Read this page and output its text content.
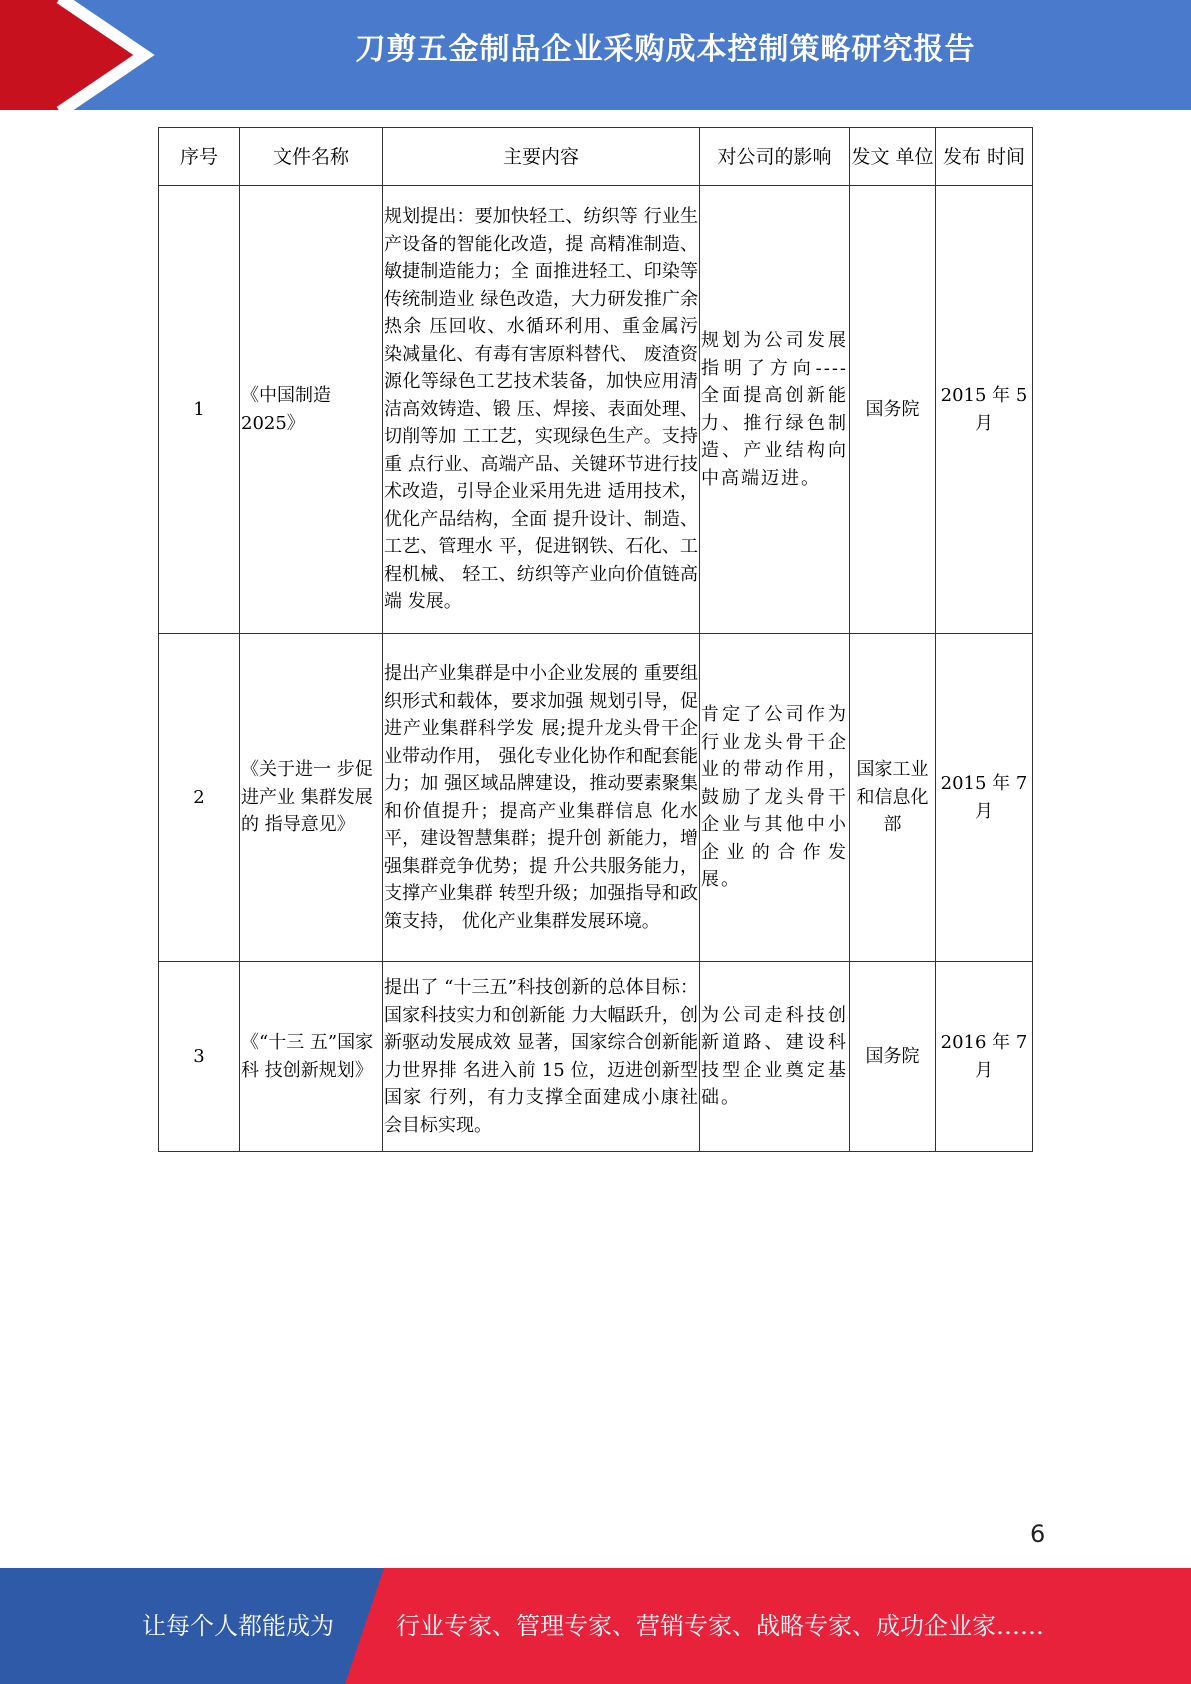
刀剪五金制品企业采购成本控制策略研究报告
序号	文件名称	主要内容	对公司的影响	发文 单位	发布 时间
1	《中国制造 2025》	规划提出：要加快轻工、纺织等 行业生产设备的智能化改造，提 高精准制造、敏捷制造能力；全 面推进轻工、印染等传统制造业 绿色改造，大力研发推广余热余 压回收、水循环利用、重金属污 染减量化、有毒有害原料替代、 废渣资源化等绿色工艺技术装备，加快应用清洁高效铸造、锻 压、焊接、表面处理、切削等加 工工艺，实现绿色生产。支持重 点行业、高端产品、关键环节进行技术改造，引导企业采用先进 适用技术，优化产品结构，全面 提升设计、制造、工艺、管理水 平，促进钢铁、石化、工程机械、 轻工、纺织等产业向价值链高端 发展。	规划为公司发展指明了方向----全面提高创新能力、推行绿色制造、产业结构向中高端迈进。	国务院	2015 年 5 月
2	《关于进一 步促进产业 集群发展的 指导意见》	提出产业集群是中小企业发展的 重要组织形式和载体，要求加强 规划引导，促进产业集群科学发 展;提升龙头骨干企业带动作用， 强化专业化协作和配套能力；加 强区域品牌建设，推动要素聚集 和价值提升；提高产业集群信息 化水平，建设智慧集群；提升创 新能力，增强集群竞争优势；提 升公共服务能力，支撑产业集群 转型升级；加强指导和政策支持， 优化产业集群发展环境。	肯定了公司作为行业龙头骨干企业的带动作用，鼓励了龙头骨干企业与其他中小企业的合作发 展。	国家工业和信息化部	2015 年 7 月
3	《“十三 五”国家科 技创新规划》	提出了 “十三五”科技创新的总体目标：国家科技实力和创新能 力大幅跃升，创新驱动发展成效 显著，国家综合创新能力世界排 名进入前 15 位，迈进创新型国家 行列，有力支撑全面建成小康社 会目标实现。	为公司走科技创新道路、建设科技型企业奠定基础。	国务院	2016 年 7 月
6
让每个人都能成为	行业专家、管理专家、营销专家、战略专家、成功企业家……
